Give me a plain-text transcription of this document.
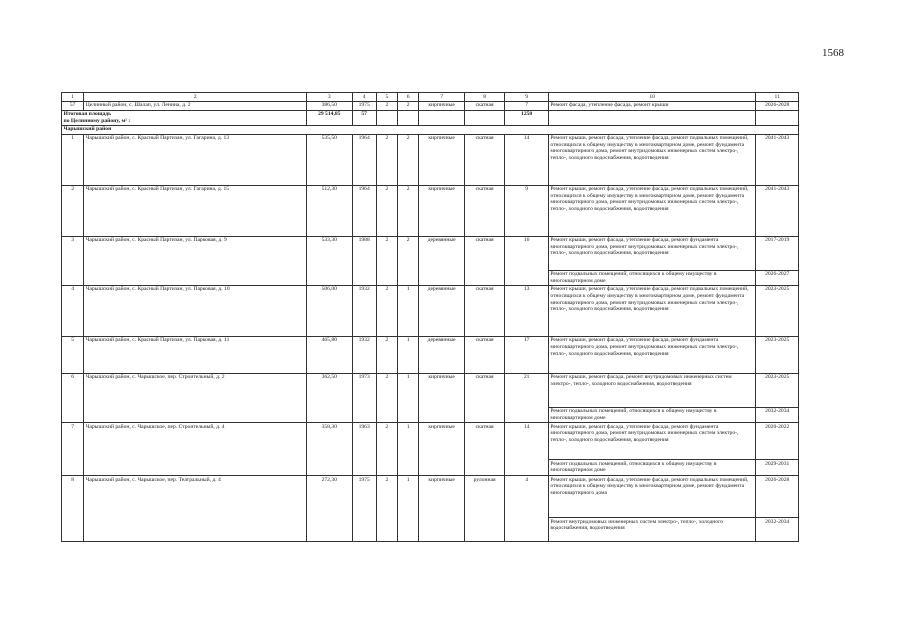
1568
1	2	3	4	5	6	7	8	9	10	11
57	Целинный район, с. Шалап, ул. Ленина, д. 2	386,50	1975	2	2	кирпичные	скатная	7	Ремонт фасада, утепление фасада, ремонт крыши	2026-2028

Итоговая площадь
по Целинному району, м² :		29 514,85	57					1250		
Чарышский район										
1	Чарышский район, с. Красный Партизан, ул. Гагарина, д. 13	535,50	1964	2	2	кирпичные	скатная	14	Ремонт крыши, ремонт фасада, утепление фасада, ремонт подвальных помещений, относящихся к общему имуществу в многоквартирном доме, ремонт фундамента многоквартирного дома, ремонт внутридомовых инженерных систем электро-, тепло-, холодного водоснабжения, водоотведения	2041-2043
2	Чарышский район, с. Красный Партизан, ул. Гагарина, д. 15	512,30	1964	2	2	кирпичные	скатная	9	Ремонт крыши, ремонт фасада, утепление фасада, ремонт подвальных помещений, относящихся к общему имуществу в многоквартирном доме, ремонт фундамента многоквартирного дома, ремонт внутридомовых инженерных систем электро-, тепло-, холодного водоснабжения, водоотведения	2041-2043
3	Чарышский район, с. Красный Партизан, ул. Парковая, д. 9	533,30	1988	2	2	деревянные	скатная	16	Ремонт крыши, ремонт фасада, утепление фасада, ремонт фундамента многоквартирного дома, ремонт внутридомовых инженерных систем электро-, тепло-, холодного водоснабжения, водоотведения	2017-2019
									Ремонт подвальных помещений, относящихся к общему имуществу в многоквартирном доме	2026-2027
4	Чарышский район, с. Красный Партизан, ул. Парковая, д. 10	506,00	1932	2	1	деревянные	скатная	13	Ремонт крыши, ремонт фасада, утепление фасада, ремонт подвальных помещений, относящихся к общему имуществу в многоквартирном доме, ремонт фундамента многоквартирного дома, ремонт внутридомовых инженерных систем электро-, тепло-, холодного водоснабжения, водоотведения	2023-2025
5	Чарышский район, с. Красный Партизан, ул. Парковая, д. 11	465,80	1932	2	1	деревянные	скатная	17	Ремонт крыши, ремонт фасада, утепление фасада, ремонт фундамента многоквартирного дома, ремонт внутридомовых инженерных систем электро-, тепло-, холодного водоснабжения, водоотведения	2023-2025
6	Чарышский район, с. Чарышское, пер. Строительный, д. 2	362,50	1973	2	1	кирпичные	скатная	21	Ремонт крыши, ремонт фасада, ремонт внутридомовых инженерных систем электро-, тепло-, холодного водоснабжения, водоотведения	2023-2025
									Ремонт подвальных помещений, относящихся к общему имуществу в многоквартирном доме	2032-2034
7	Чарышский район, с. Чарышское, пер. Строительный, д. 4	358,30	1963	2	1	кирпичные	скатная	14	Ремонт крыши, ремонт фасада, утепление фасада, ремонт фундамента многоквартирного дома, ремонт внутридомовых инженерных систем электро-, тепло-, холодного водоснабжения, водоотведения	2020-2022
									Ремонт подвальных помещений, относящихся к общему имуществу в многоквартирном доме	2029-2031
8	Чарышский район, с. Чарышское, пер. Театральный, д. 4	272,30	1975	2	1	кирпичные	рулонная	4	Ремонт крыши, ремонт фасада, утепление фасада, ремонт подвальных помещений, относящихся к общему имуществу в многоквартирном доме, ремонт фундамента многоквартирного дома	2026-2028
									Ремонт внутридомовых инженерных систем электро-, тепло-, холодного водоснабжения, водоотведения	2032-2034
